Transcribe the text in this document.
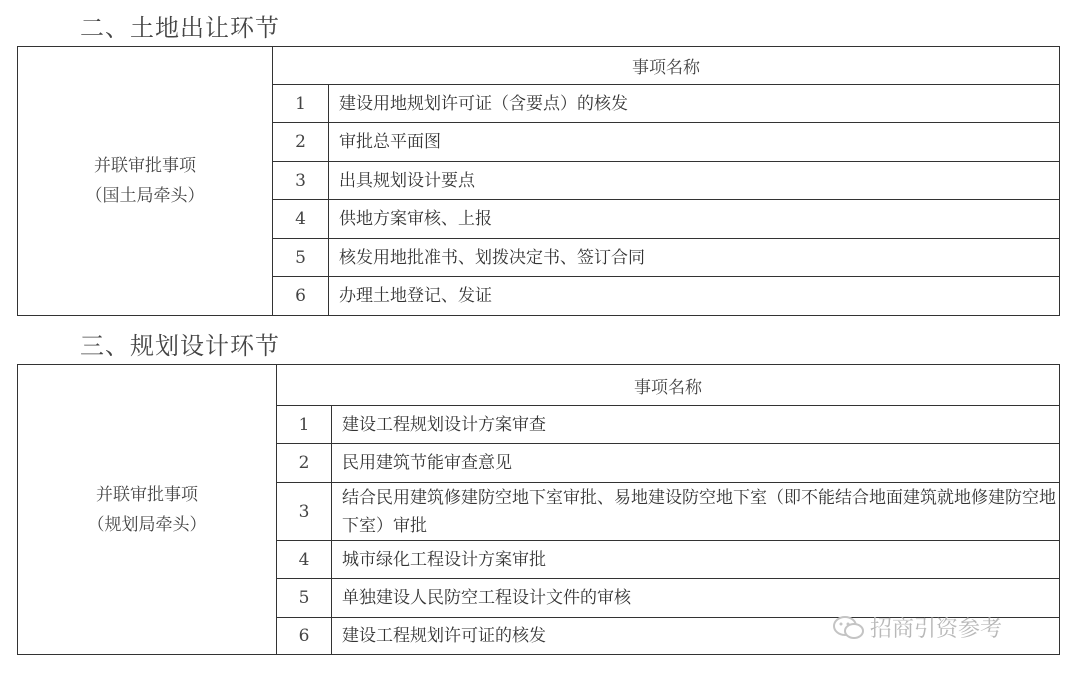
二、土地出让环节
并联审批事项
（国土局牵头）	事项名称	
	1	建设用地规划许可证（含要点）的核发
	2	审批总平面图
	3	出具规划设计要点
	4	供地方案审核、上报
	5	核发用地批准书、划拨决定书、签订合同
	6	办理土地登记、发证
三、规划设计环节
并联审批事项
（规划局牵头）	事项名称	
	1	建设工程规划设计方案审查
	2	民用建筑节能审查意见
	3	结合民用建筑修建防空地下室审批、易地建设防空地下室（即不能结合地面建筑就地修建防空地下室）审批
	4	城市绿化工程设计方案审批
	5	单独建设人民防空工程设计文件的审核
	6	建设工程规划许可证的核发	招商引资参考
